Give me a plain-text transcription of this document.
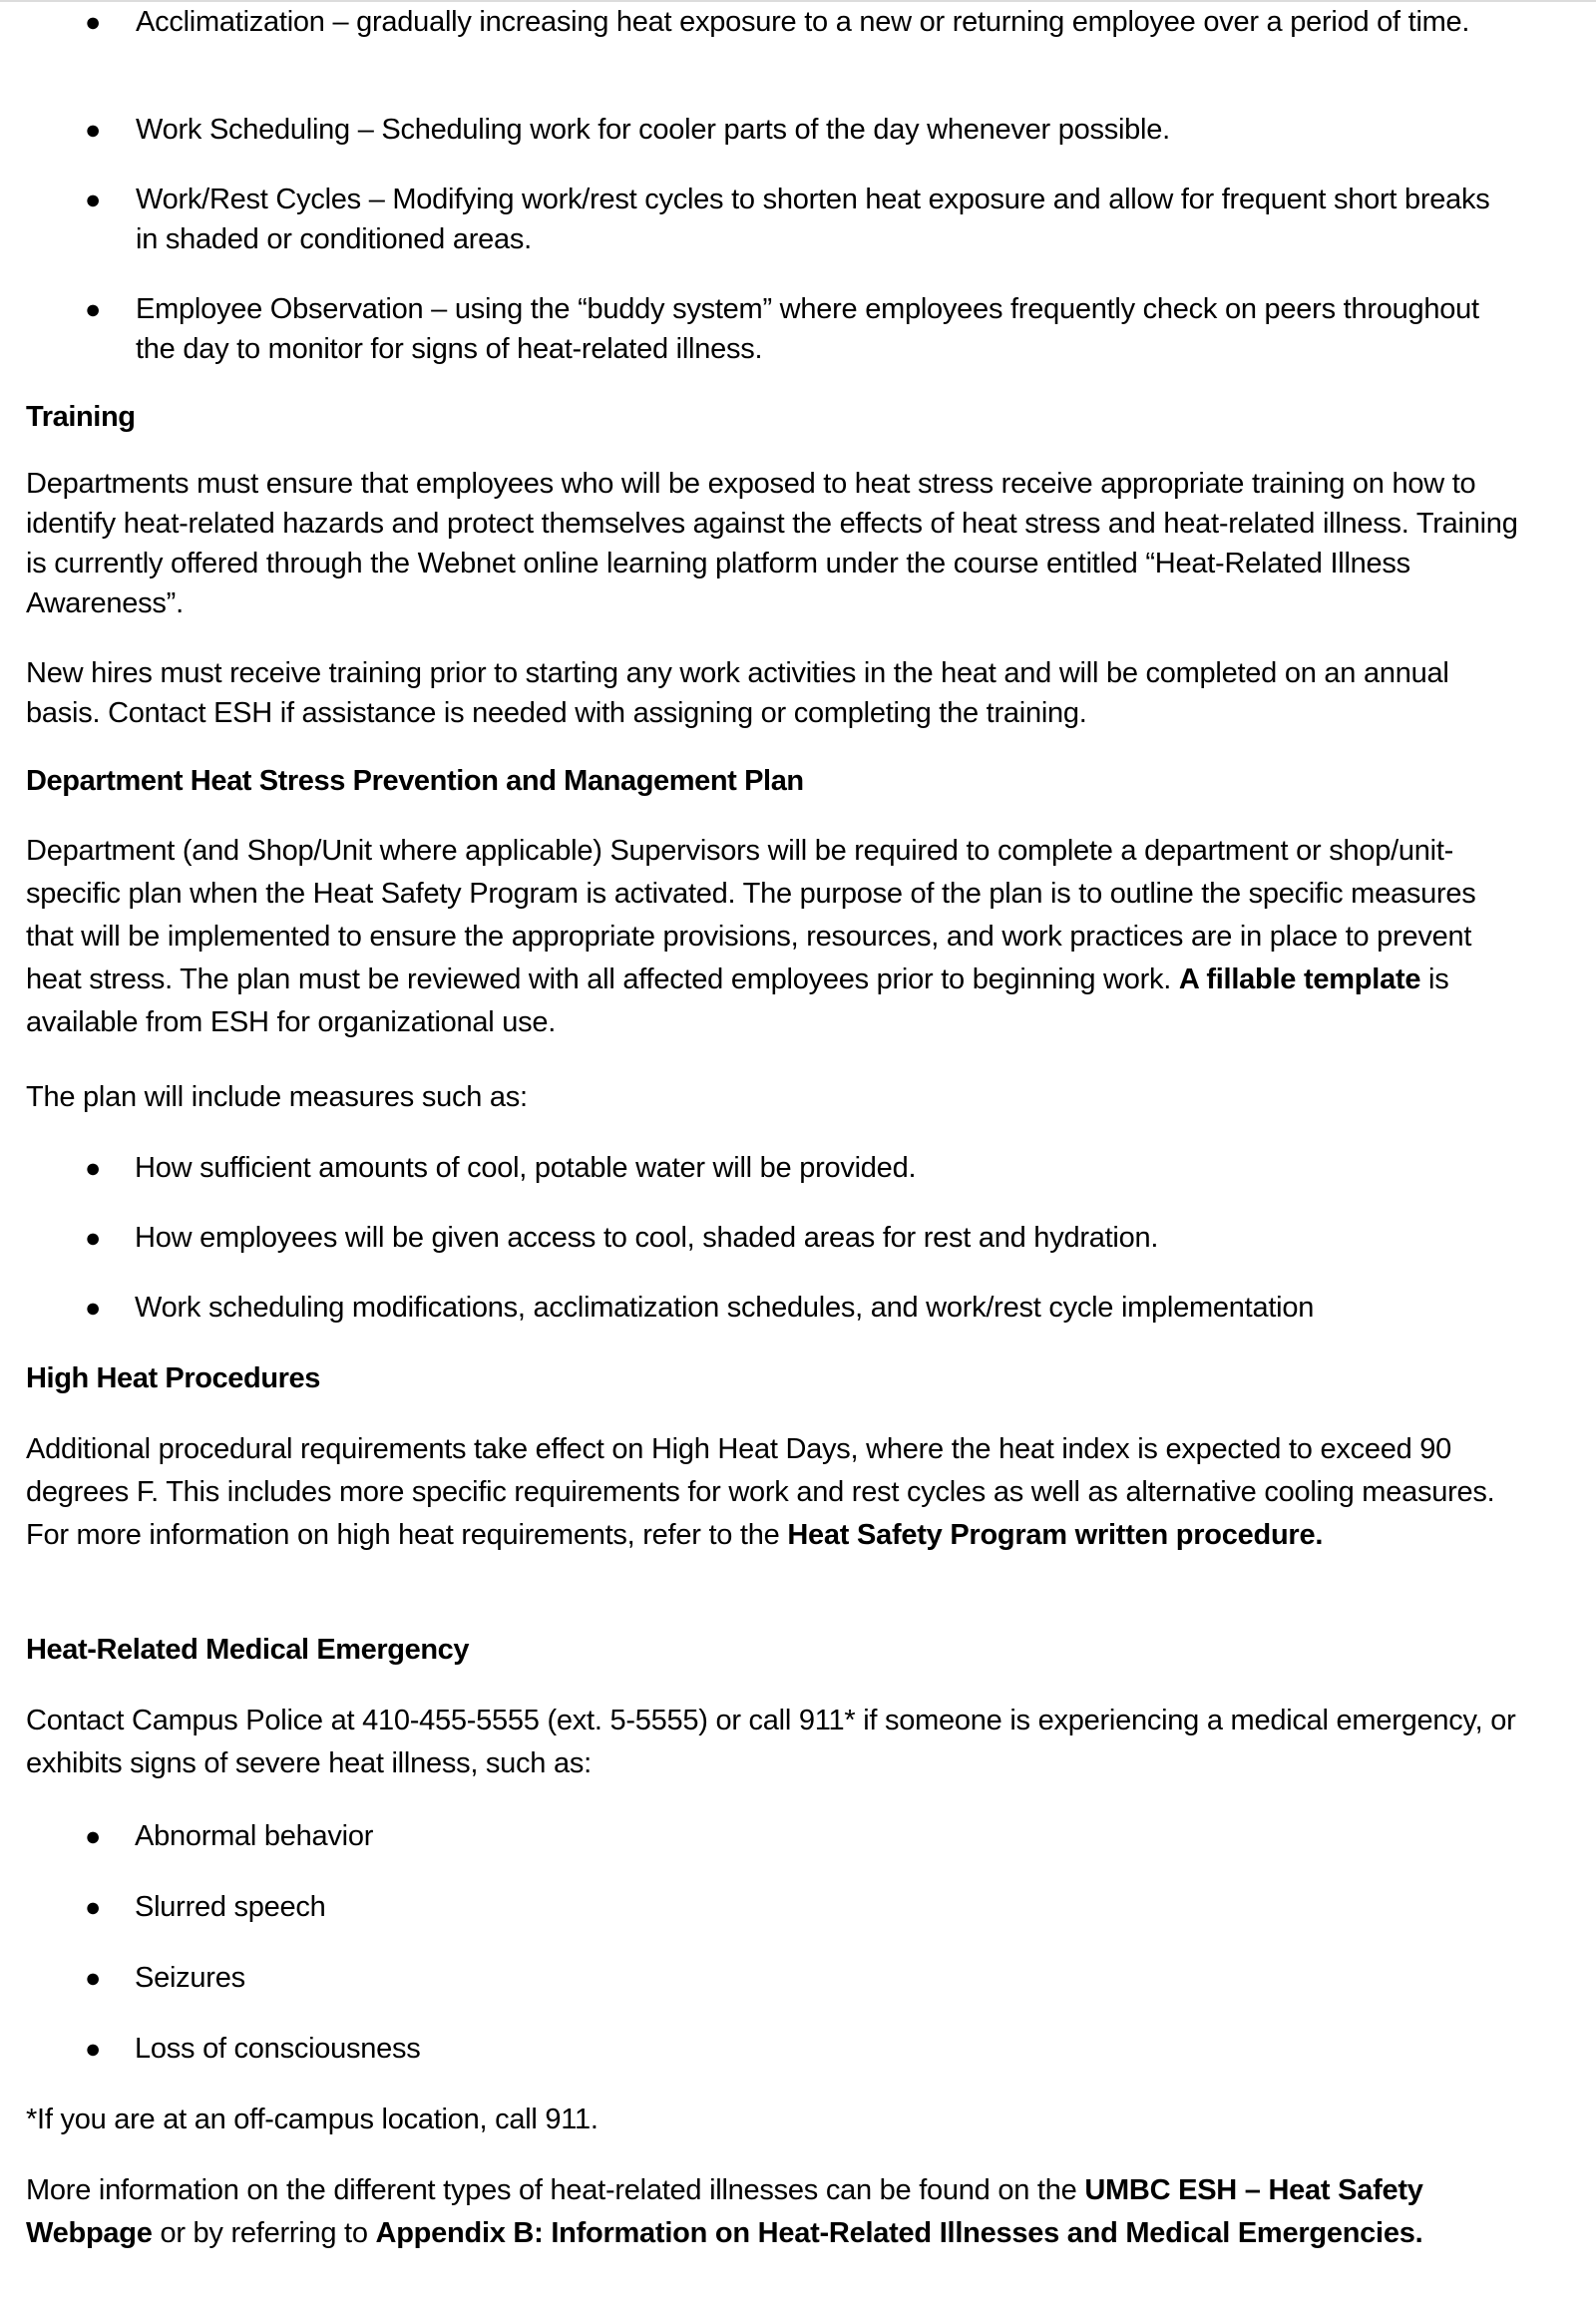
● Acclimatization – gradually increasing heat exposure to a new or returning employee over a period of time.
● Work Scheduling – Scheduling work for cooler parts of the day whenever possible.
● Work/Rest Cycles – Modifying work/rest cycles to shorten heat exposure and allow for frequent short breaks in shaded or conditioned areas.
● Employee Observation – using the “buddy system” where employees frequently check on peers throughout the day to monitor for signs of heat-related illness.
Training
Departments must ensure that employees who will be exposed to heat stress receive appropriate training on how to identify heat-related hazards and protect themselves against the effects of heat stress and heat-related illness. Training is currently offered through the Webnet online learning platform under the course entitled “Heat-Related Illness Awareness”.
New hires must receive training prior to starting any work activities in the heat and will be completed on an annual basis. Contact ESH if assistance is needed with assigning or completing the training.
Department Heat Stress Prevention and Management Plan
Department (and Shop/Unit where applicable) Supervisors will be required to complete a department or shop/unit-specific plan when the Heat Safety Program is activated. The purpose of the plan is to outline the specific measures that will be implemented to ensure the appropriate provisions, resources, and work practices are in place to prevent heat stress. The plan must be reviewed with all affected employees prior to beginning work. A fillable template is available from ESH for organizational use.
The plan will include measures such as:
● How sufficient amounts of cool, potable water will be provided.
● How employees will be given access to cool, shaded areas for rest and hydration.
● Work scheduling modifications, acclimatization schedules, and work/rest cycle implementation
High Heat Procedures
Additional procedural requirements take effect on High Heat Days, where the heat index is expected to exceed 90 degrees F. This includes more specific requirements for work and rest cycles as well as alternative cooling measures. For more information on high heat requirements, refer to the Heat Safety Program written procedure.
Heat-Related Medical Emergency
Contact Campus Police at 410-455-5555 (ext. 5-5555) or call 911* if someone is experiencing a medical emergency, or exhibits signs of severe heat illness, such as:
● Abnormal behavior
● Slurred speech
● Seizures
● Loss of consciousness
*If you are at an off-campus location, call 911.
More information on the different types of heat-related illnesses can be found on the UMBC ESH – Heat Safety Webpage or by referring to Appendix B: Information on Heat-Related Illnesses and Medical Emergencies.
